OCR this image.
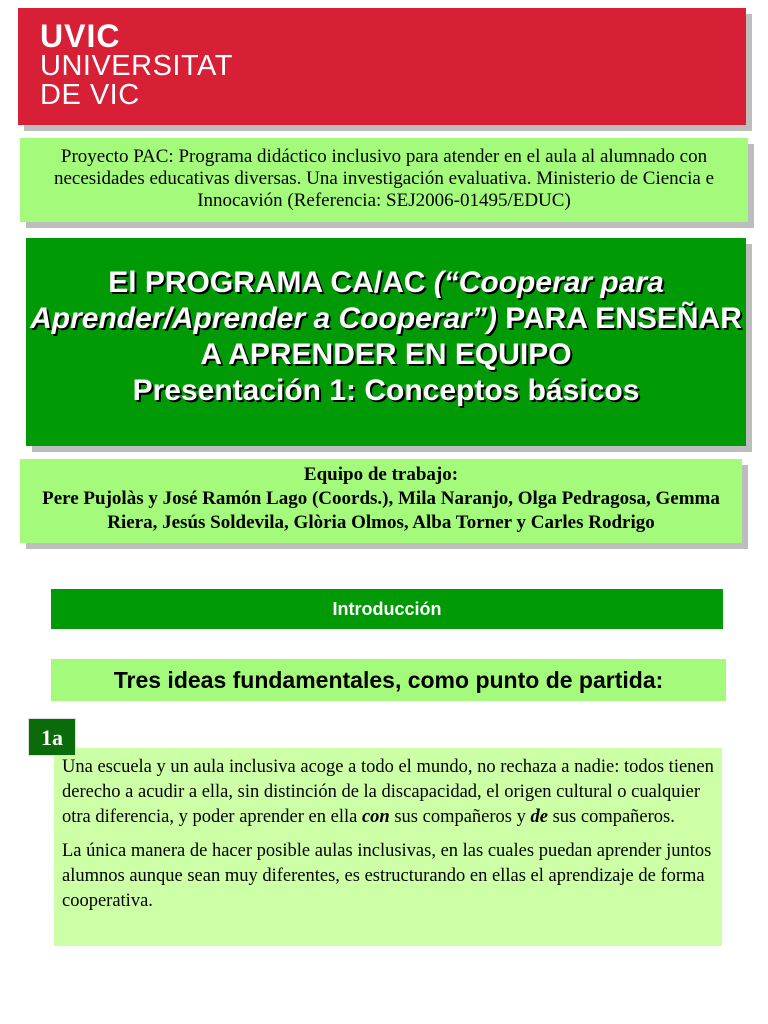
UVIC
UNIVERSITAT
DE VIC
Proyecto PAC: Programa didáctico inclusivo para atender en el aula al alumnado con necesidades educativas diversas. Una investigación evaluativa. Ministerio de Ciencia e Innocavión (Referencia: SEJ2006-01495/EDUC)
El PROGRAMA CA/AC (“Cooperar para Aprender/Aprender a Cooperar”) PARA ENSEÑAR A APRENDER EN EQUIPO
Presentación 1: Conceptos básicos
Equipo de trabajo:
Pere Pujolàs y José Ramón Lago (Coords.), Mila Naranjo, Olga Pedragosa, Gemma Riera, Jesús Soldevila, Glòria Olmos, Alba Torner y Carles Rodrigo
Introducción
Tres ideas fundamentales, como punto de partida:

Una escuela y un aula inclusiva acoge a todo el mundo, no rechaza a nadie: todos tienen derecho a acudir a ella, sin distinción de la discapacidad, el origen cultural o cualquier otra diferencia, y poder aprender en ella con sus compañeros y de sus compañeros.

La única manera de hacer posible aulas inclusivas, en las cuales puedan aprender juntos alumnos aunque sean muy diferentes, es estructurando en ellas el aprendizaje de forma cooperativa.

1a
